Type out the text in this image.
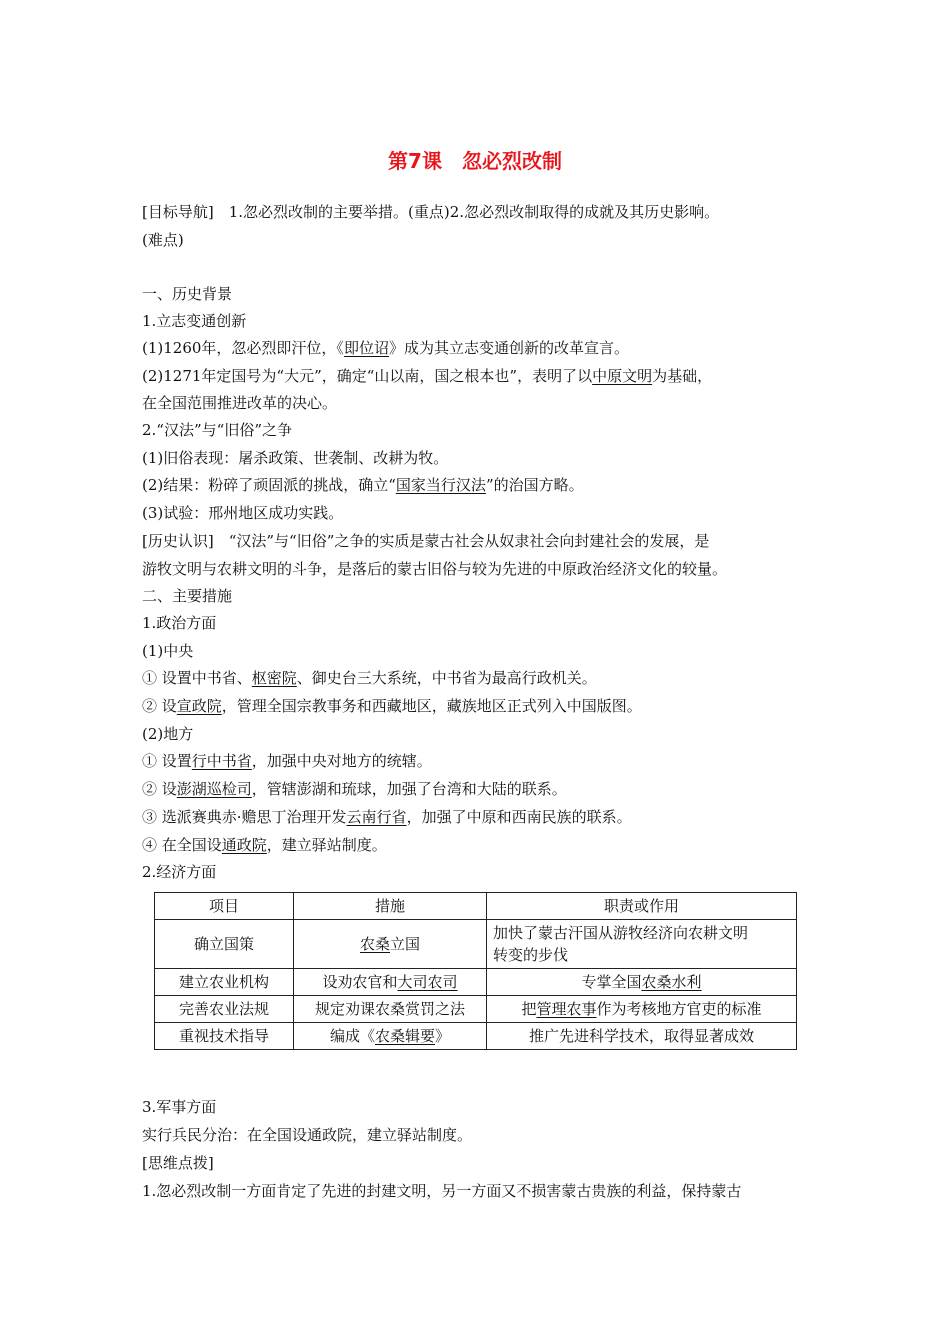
第7课　忽必烈改制
[目标导航]　 1.忽必烈改制的主要举措。(重点)2.忽必烈改制取得的成就及其历史影响。
(难点)
一、历史背景
1.立志变通创新
(1)1260年，忽必烈即汗位，《即位诏》成为其立志变通创新的改革宣言。
(2)1271年定国号为“大元”，确定“山以南，国之根本也”，表明了以中原文明为基础，
在全国范围推进改革的决心。
2.“汉法”与“旧俗”之争
(1)旧俗表现：屠杀政策、世袭制、改耕为牧。
(2)结果：粉碎了顽固派的挑战，确立“国家当行汉法”的治国方略。
(3)试验：邢州地区成功实践。
[历史认识]　“汉法”与“旧俗”之争的实质是蒙古社会从奴隶社会向封建社会的发展，是
游牧文明与农耕文明的斗争，是落后的蒙古旧俗与较为先进的中原政治经济文化的较量。
二、主要措施
1.政治方面
(1)中央
① 设置中书省、枢密院、御史台三大系统，中书省为最高行政机关。
② 设宣政院，管理全国宗教事务和西藏地区，藏族地区正式列入中国版图。
(2)地方
① 设置行中书省，加强中央对地方的统辖。
② 设澎湖巡检司，管辖澎湖和琉球，加强了台湾和大陆的联系。
③ 选派赛典赤·赡思丁治理开发云南行省，加强了中原和西南民族的联系。
④ 在全国设通政院，建立驿站制度。
2.经济方面
项目	措施	职责或作用
确立国策	农桑立国	加快了蒙古汗国从游牧经济向农耕文明
转变的步伐

建立农业机构	设劝农官和大司农司	专掌全国农桑水利
完善农业法规	规定劝课农桑赏罚之法	把管理农事作为考核地方官吏的标准
重视技术指导	编成《农桑辑要》	推广先进科学技术，取得显著成效
3.军事方面
实行兵民分治：在全国设通政院，建立驿站制度。
[思维点拨]
1.忽必烈改制一方面肯定了先进的封建文明，另一方面又不损害蒙古贵族的利益，保持蒙古
